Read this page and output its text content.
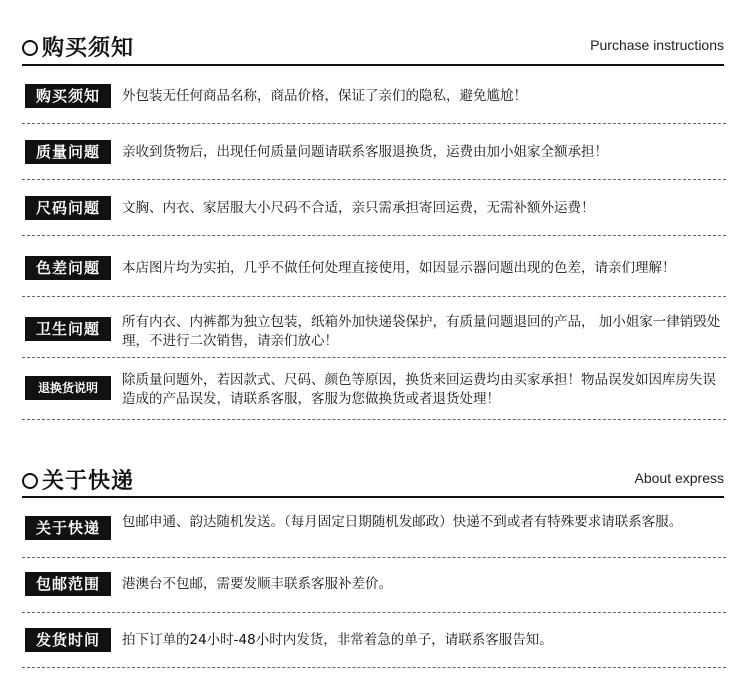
购买须知	Purchase instructions
购买须知	外包装无任何商品名称，商品价格，保证了亲们的隐私，避免尴尬！
质量问题	亲收到货物后，出现任何质量问题请联系客服退换货，运费由加小姐家全额承担！
尺码问题	文胸、内衣、家居服大小尺码不合适，亲只需承担寄回运费，无需补额外运费！
色差问题	本店图片均为实拍，几乎不做任何处理直接使用，如因显示器问题出现的色差，请亲们理解！
卫生问题	所有内衣、内裤都为独立包装，纸箱外加快递袋保护，有质量问题退回的产品， 加小姐家一律销毁处理，不进行二次销售，请亲们放心！
退换货说明	除质量问题外，若因款式、尺码、颜色等原因，换货来回运费均由买家承担！物品误发如因库房失误造成的产品误发，请联系客服，客服为您做换货或者退货处理！
关于快递	About express
关于快递	包邮申通、韵达随机发送。（每月固定日期随机发邮政）快递不到或者有特殊要求请联系客服。
包邮范围	港澳台不包邮，需要发顺丰联系客服补差价。
发货时间	拍下订单的24小时-48小时内发货，非常着急的单子，请联系客服告知。
